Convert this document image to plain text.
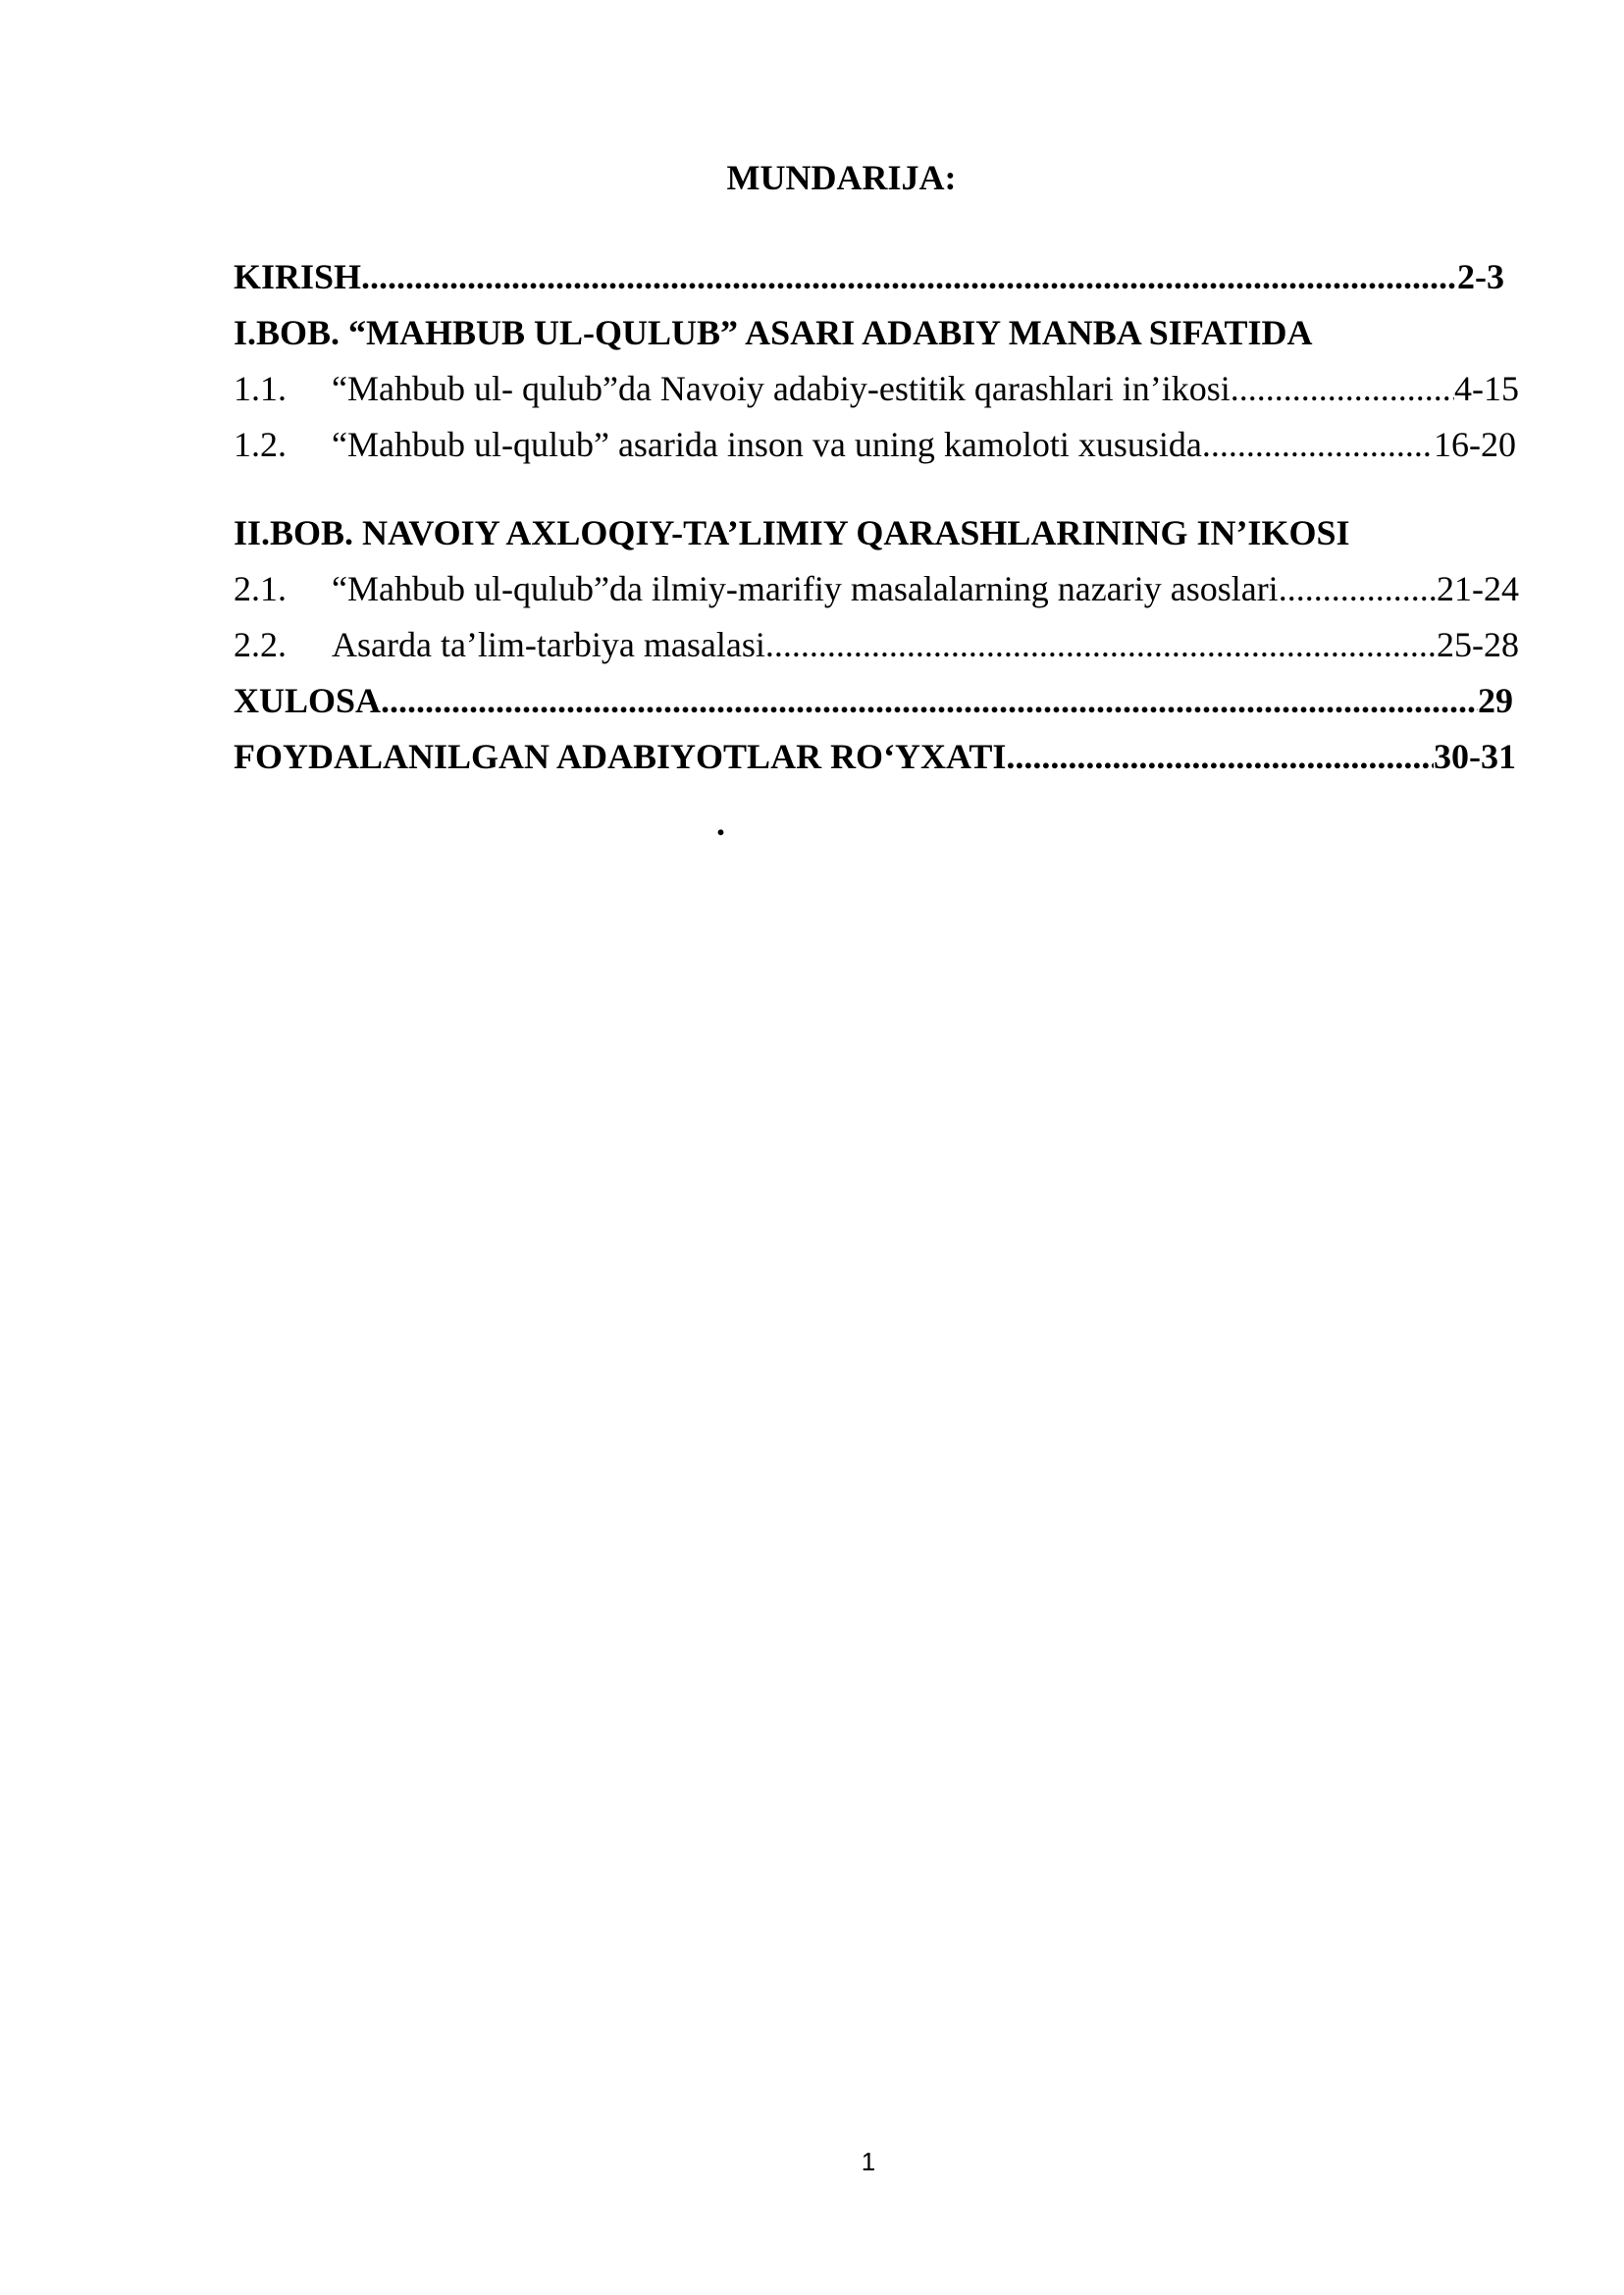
MUNDARIJA:
KIRISH .....	2-3
I.BOB. “MAHBUB UL-QULUB” ASARI ADABIY MANBA SIFATIDA
1.1.	“Mahbub ul- qulub”da Navoiy adabiy-estitik qarashlari in’ikosi .....	4-15
1.2.	“Mahbub ul-qulub” asarida inson va uning kamoloti xususida .....	16-20
II.BOB. NAVOIY AXLOQIY-TA’LIMIY QARASHLARINING IN’IKOSI
2.1.	“Mahbub ul-qulub”da ilmiy-marifiy masalalarning nazariy asoslari .....	21-24
2.2.	Asarda ta’lim-tarbiya masalasi .....	25-28
XULOSA .....	29
FOYDALANILGAN ADABIYOTLAR RO‘YXATI .....	30-31
.
1
